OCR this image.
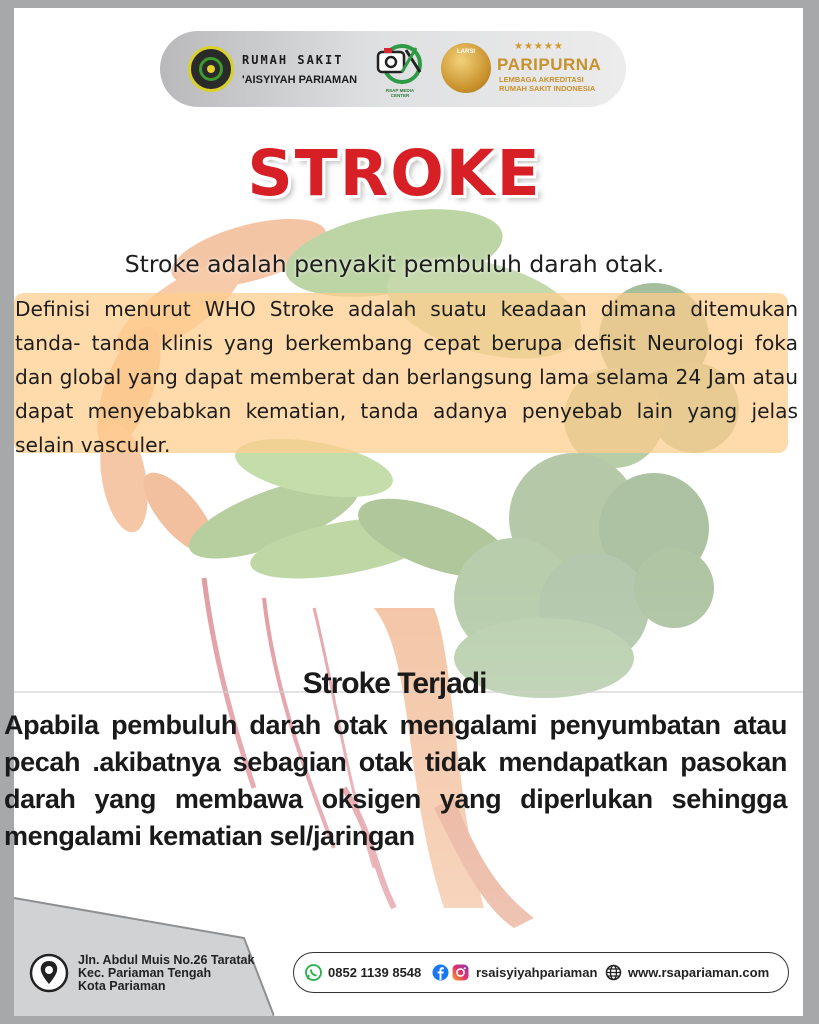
RUMAH SAKIT
'AISYIYAH PARIAMAN
RSAP MEDIA CENTER
LARSI	★★★★★
PARIPURNA
LEMBAGA AKREDITASI
RUMAH SAKIT INDONESIA
STROKE
Stroke adalah penyakit pembuluh darah otak.
Definisi menurut WHO Stroke adalah suatu keadaan dimana ditemukan tanda- tanda klinis yang berkembang cepat berupa defisit Neurologi foka dan global yang dapat memberat dan berlangsung lama selama 24 Jam atau dapat menyebabkan kematian, tanda adanya penyebab lain yang jelas selain vasculer.
Stroke Terjadi
Apabila pembuluh darah otak mengalami penyumbatan atau pecah .akibatnya sebagian otak tidak mendapatkan pasokan darah yang membawa oksigen yang diperlukan sehingga mengalami kematian sel/jaringan
Jln. Abdul Muis No.26 Taratak
Kec. Pariaman Tengah
Kota Pariaman
0852 1139 8548	rsaisyiyahpariaman www.rsapariaman.com
